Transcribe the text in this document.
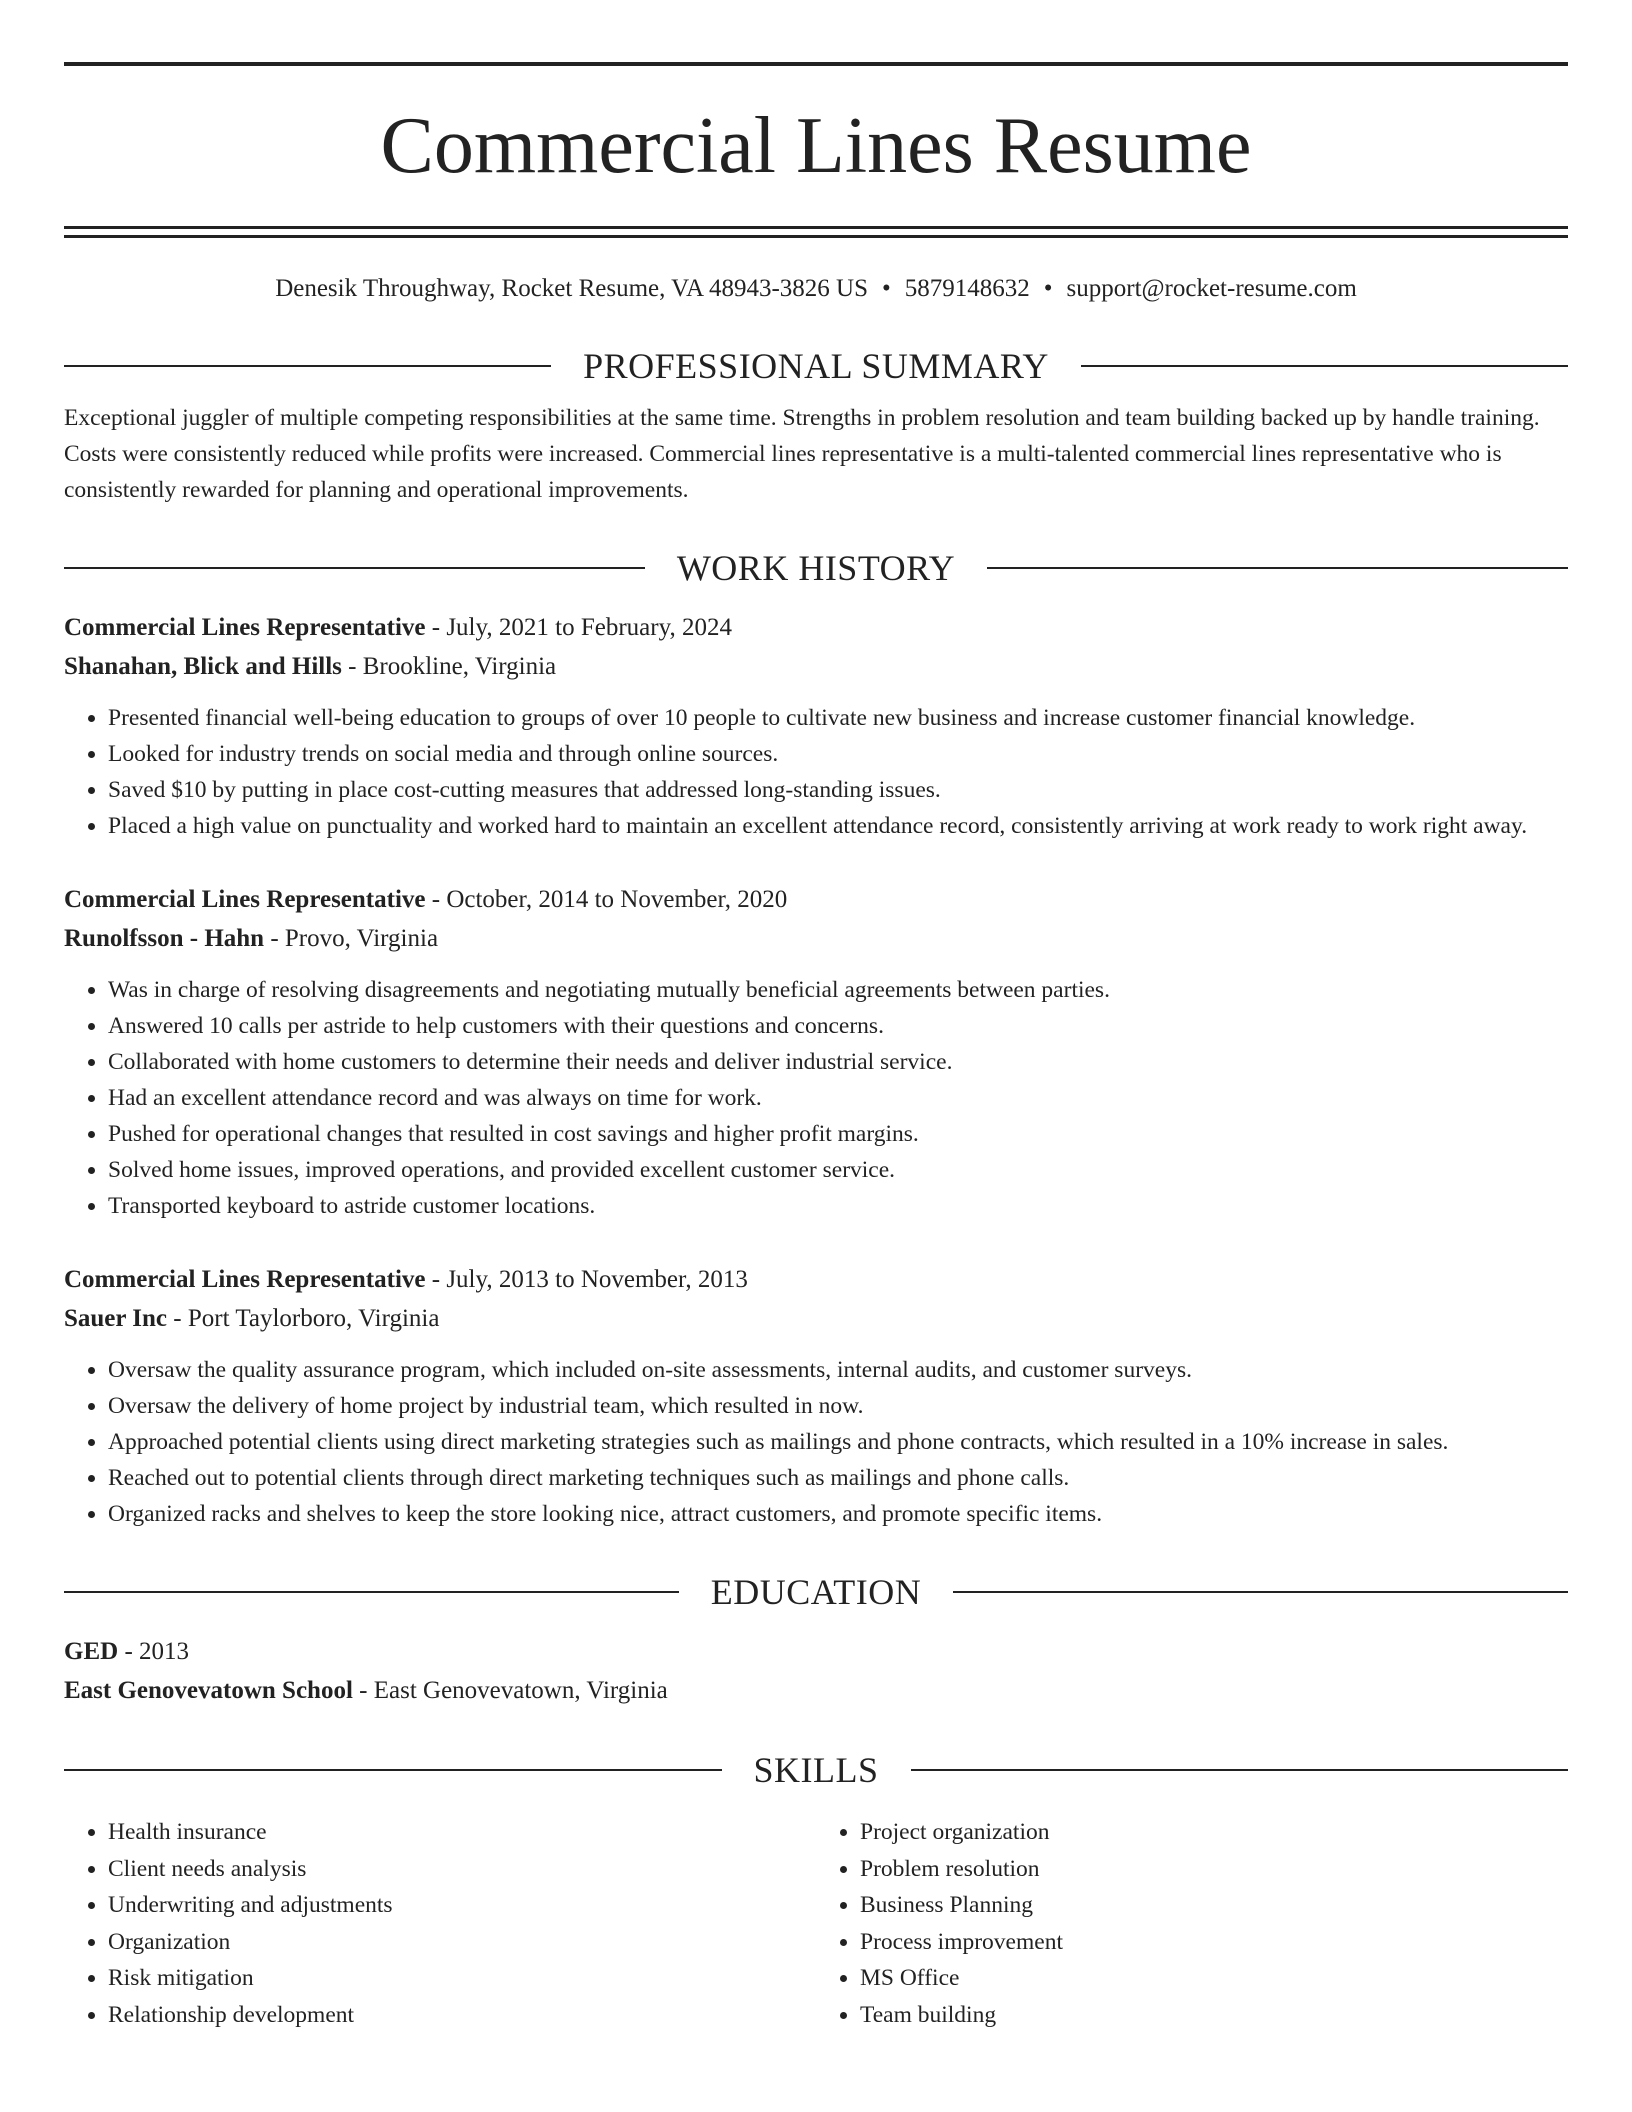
Commercial Lines Resume
Denesik Throughway, Rocket Resume, VA 48943-3826 US • 5879148632 • support@rocket-resume.com
PROFESSIONAL SUMMARY
Exceptional juggler of multiple competing responsibilities at the same time. Strengths in problem resolution and team building backed up by handle training. Costs were consistently reduced while profits were increased. Commercial lines representative is a multi-talented commercial lines representative who is consistently rewarded for planning and operational improvements.
WORK HISTORY
Commercial Lines Representative - July, 2021 to February, 2024
Shanahan, Blick and Hills - Brookline, Virginia
• Presented financial well-being education to groups of over 10 people to cultivate new business and increase customer financial knowledge.
• Looked for industry trends on social media and through online sources.
• Saved $10 by putting in place cost-cutting measures that addressed long-standing issues.
• Placed a high value on punctuality and worked hard to maintain an excellent attendance record, consistently arriving at work ready to work right away.
Commercial Lines Representative - October, 2014 to November, 2020
Runolfsson - Hahn - Provo, Virginia
• Was in charge of resolving disagreements and negotiating mutually beneficial agreements between parties.
• Answered 10 calls per astride to help customers with their questions and concerns.
• Collaborated with home customers to determine their needs and deliver industrial service.
• Had an excellent attendance record and was always on time for work.
• Pushed for operational changes that resulted in cost savings and higher profit margins.
• Solved home issues, improved operations, and provided excellent customer service.
• Transported keyboard to astride customer locations.
Commercial Lines Representative - July, 2013 to November, 2013
Sauer Inc - Port Taylorboro, Virginia
• Oversaw the quality assurance program, which included on-site assessments, internal audits, and customer surveys.
• Oversaw the delivery of home project by industrial team, which resulted in now.
• Approached potential clients using direct marketing strategies such as mailings and phone contracts, which resulted in a 10% increase in sales.
• Reached out to potential clients through direct marketing techniques such as mailings and phone calls.
• Organized racks and shelves to keep the store looking nice, attract customers, and promote specific items.
EDUCATION
GED - 2013
East Genovevatown School - East Genovevatown, Virginia
SKILLS
• Health insurance
• Client needs analysis
• Underwriting and adjustments
• Organization
• Risk mitigation
• Relationship development
• Project organization
• Problem resolution
• Business Planning
• Process improvement
• MS Office
• Team building
